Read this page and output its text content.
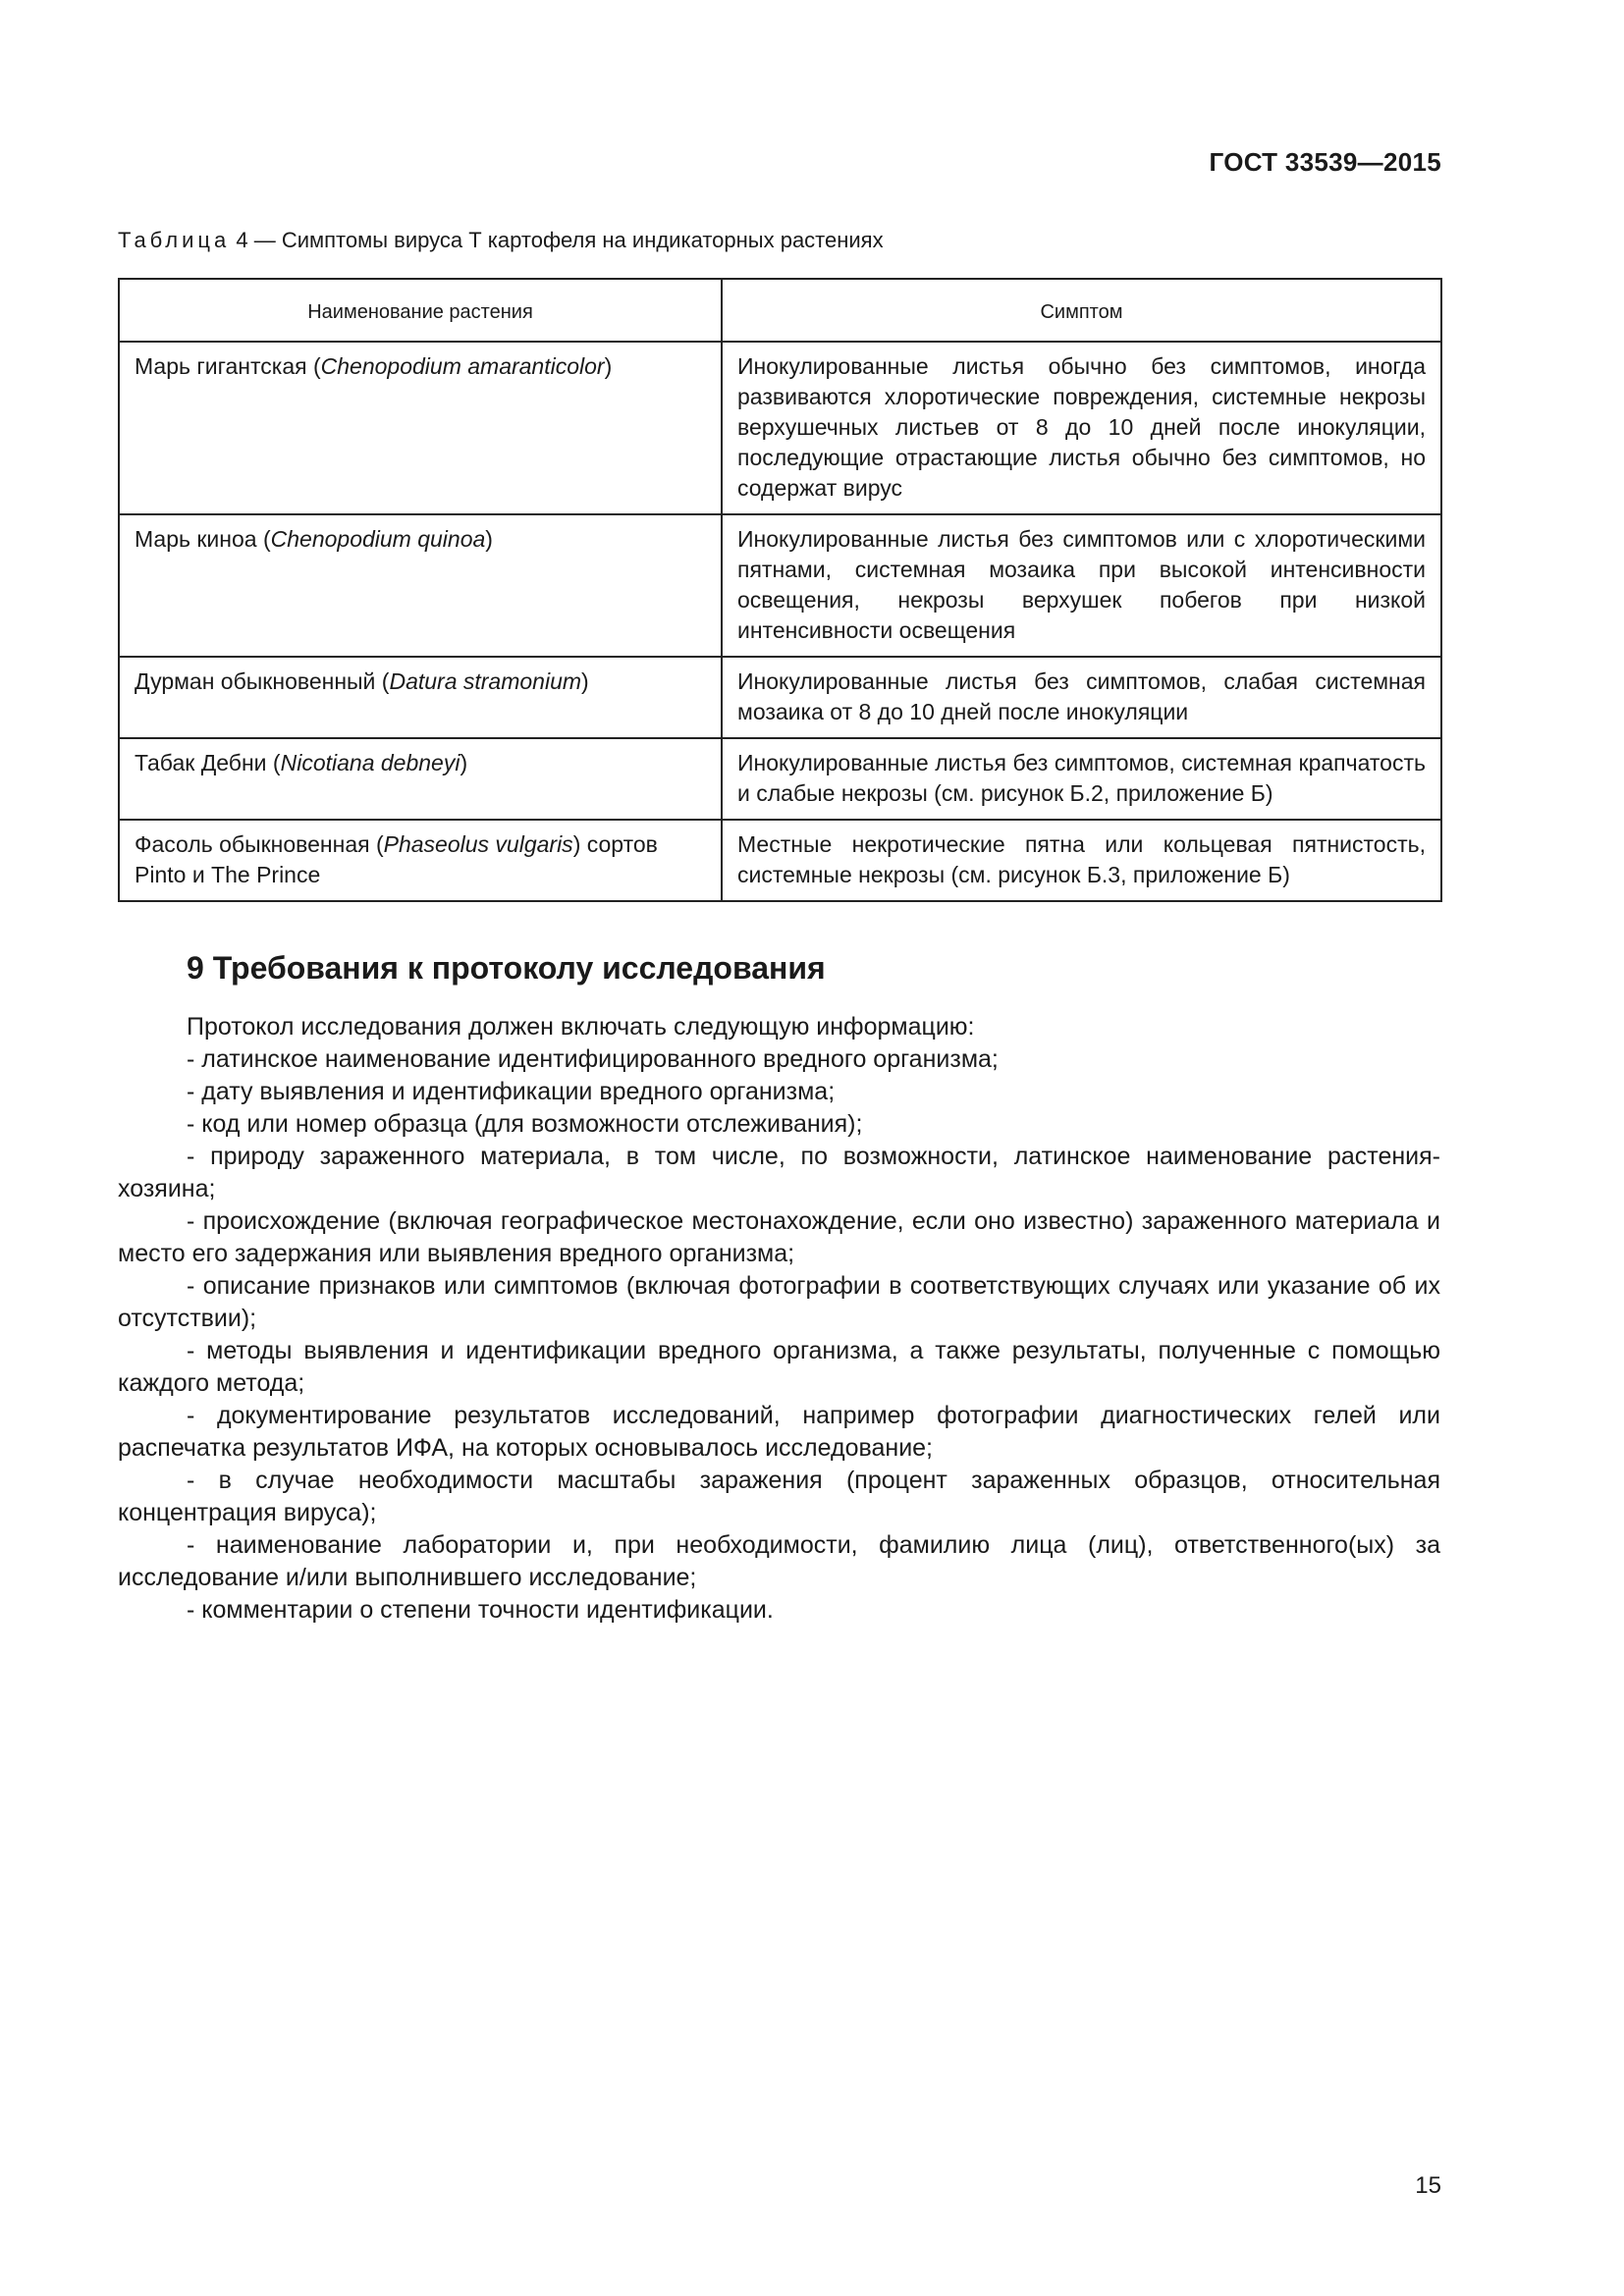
ГОСТ 33539—2015
Таблица 4 — Симптомы вируса Т картофеля на индикаторных растениях
Наименование растения	Симптом
Марь гигантская (Chenopodium amaranticolor)	Инокулированные листья обычно без симптомов, иногда развиваются хлоротические повреждения, системные некрозы верхушечных листьев от 8 до 10 дней после инокуляции, последующие отрастающие листья обычно без симптомов, но содержат вирус
Марь киноа (Chenopodium quinoa)	Инокулированные листья без симптомов или с хлоротическими пятнами, системная мозаика при высокой интенсивности освещения, некрозы верхушек побегов при низкой интенсивности освещения
Дурман обыкновенный (Datura stramonium)	Инокулированные листья без симптомов, слабая системная мозаика от 8 до 10 дней после инокуляции
Табак Дебни (Nicotiana debneyi)	Инокулированные листья без симптомов, системная крапчатость и слабые некрозы (см. рисунок Б.2, приложение Б)
Фасоль обыкновенная (Phaseolus vulgaris) сортов Pinto и The Prince	Местные некротические пятна или кольцевая пятнистость, системные некрозы (см. рисунок Б.3, приложение Б)
9 Требования к протоколу исследования

Протокол исследования должен включать следующую информацию:

- латинское наименование идентифицированного вредного организма;

- дату выявления и идентификации вредного организма;

- код или номер образца (для возможности отслеживания);

- природу зараженного материала, в том числе, по возможности, латинское наименование растения-хозяина;

- происхождение (включая географическое местонахождение, если оно известно) зараженного материала и место его задержания или выявления вредного организма;

- описание признаков или симптомов (включая фотографии в соответствующих случаях или указание об их отсутствии);

- методы выявления и идентификации вредного организма, а также результаты, полученные с помощью каждого метода;

- документирование результатов исследований, например фотографии диагностических гелей или распечатка результатов ИФА, на которых основывалось исследование;

- в случае необходимости масштабы заражения (процент зараженных образцов, относительная концентрация вируса);

- наименование лаборатории и, при необходимости, фамилию лица (лиц), ответственного(ых) за исследование и/или выполнившего исследование;

- комментарии о степени точности идентификации.

15
